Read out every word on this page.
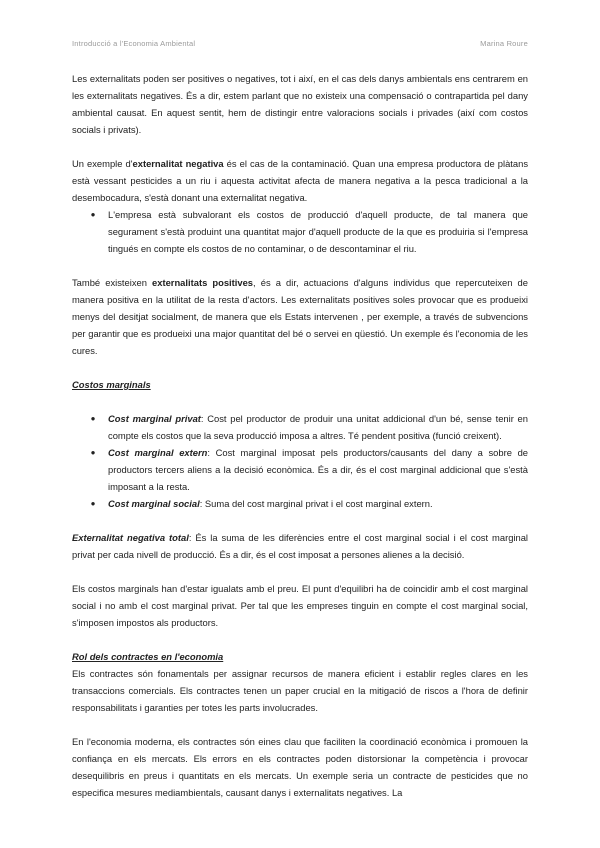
Introducció a l'Economia Ambiental	Marina Roure

Les externalitats poden ser positives o negatives, tot i així, en el cas dels danys ambientals ens centrarem en les externalitats negatives. És a dir, estem parlant que no existeix una compensació o contrapartida pel dany ambiental causat. En aquest sentit, hem de distingir entre valoracions socials i privades (així com costos socials i privats).

Un exemple d'externalitat negativa és el cas de la contaminació. Quan una empresa productora de plàtans està vessant pesticides a un riu i aquesta activitat afecta de manera negativa a la pesca tradicional a la desembocadura, s'està donant una externalitat negativa.

● L'empresa està subvalorant els costos de producció d'aquell producte, de tal manera que segurament s'està produint una quantitat major d'aquell producte de la que es produiria si l'empresa tingués en compte els costos de no contaminar, o de descontaminar el riu.

També existeixen externalitats positives, és a dir, actuacions d'alguns individus que repercuteixen de manera positiva en la utilitat de la resta d'actors. Les externalitats positives soles provocar que es produeixi menys del desitjat socialment, de manera que els Estats intervenen , per exemple, a través de subvencions per garantir que es produeixi una major quantitat del bé o servei en qüestió. Un exemple és l'economia de les cures.

Costos marginals

● Cost marginal privat: Cost pel productor de produir una unitat addicional d'un bé, sense tenir en compte els costos que la seva producció imposa a altres. Té pendent positiva (funció creixent).
● Cost marginal extern: Cost marginal imposat pels productors/causants del dany a sobre de productors tercers aliens a la decisió econòmica. És a dir, és el cost marginal addicional que s'està imposant a la resta.
● Cost marginal social: Suma del cost marginal privat i el cost marginal extern.

Externalitat negativa total: És la suma de les diferències entre el cost marginal social i el cost marginal privat per cada nivell de producció. És a dir, és el cost imposat a persones alienes a la decisió.

Els costos marginals han d'estar igualats amb el preu. El punt d'equilibri ha de coincidir amb el cost marginal social i no amb el cost marginal privat. Per tal que les empreses tinguin en compte el cost marginal social, s'imposen impostos als productors.

Rol dels contractes en l'economia

Els contractes són fonamentals per assignar recursos de manera eficient i establir regles clares en les transaccions comercials. Els contractes tenen un paper crucial en la mitigació de riscos a l'hora de definir responsabilitats i garanties per totes les parts involucrades.

En l'economia moderna, els contractes són eines clau que faciliten la coordinació econòmica i promouen la confiança en els mercats. Els errors en els contractes poden distorsionar la competència i provocar desequilibris en preus i quantitats en els mercats. Un exemple seria un contracte de pesticides que no especifica mesures mediambientals, causant danys i externalitats negatives. La
